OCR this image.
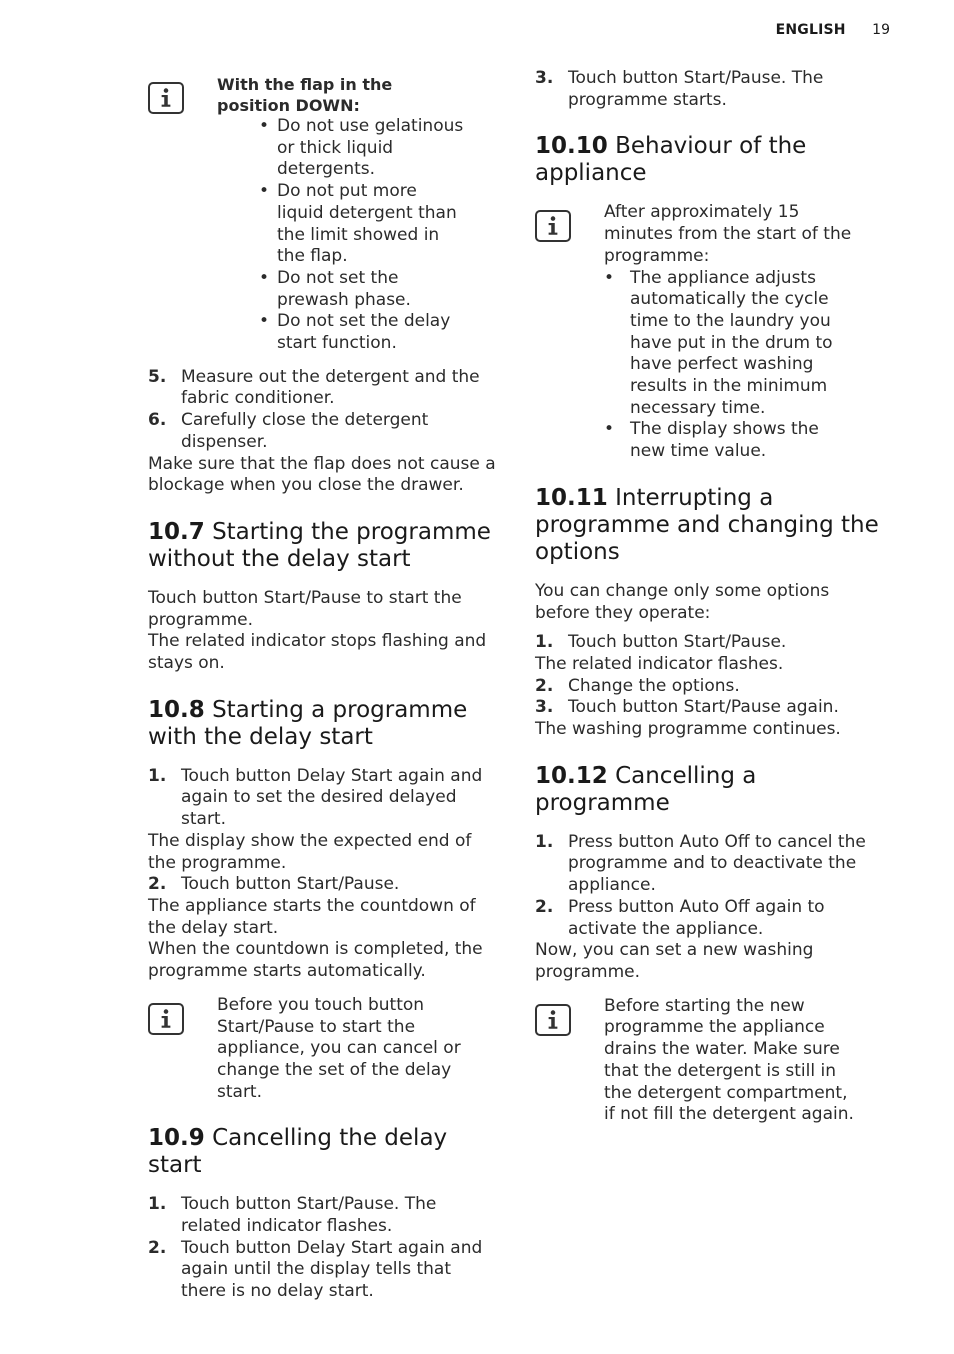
ENGLISH 19
With the flap in the position DOWN:
• Do not use gelatinous or thick liquid detergents.
• Do not put more liquid detergent than the limit showed in the flap.
• Do not set the prewash phase.
• Do not set the delay start function.
5. Measure out the detergent and the fabric conditioner.
6. Carefully close the detergent dispenser.

Make sure that the flap does not cause a blockage when you close the drawer.

10.7 Starting the programme without the delay start

Touch button Start/Pause to start the programme.

The related indicator stops flashing and stays on.

10.8 Starting a programme with the delay start
1. Touch button Delay Start again and again to set the desired delayed start.

The display show the expected end of the programme.

2. Touch button Start/Pause.

The appliance starts the countdown of the delay start.

When the countdown is completed, the programme starts automatically.

Before you touch button Start/Pause to start the appliance, you can cancel or change the set of the delay start.
10.9 Cancelling the delay start
1. Touch button Start/Pause. The related indicator flashes.
2. Touch button Delay Start again and again until the display tells that there is no delay start.
3. Touch button Start/Pause. The programme starts.
10.10 Behaviour of the appliance
After approximately 15 minutes from the start of the programme:
• The appliance adjusts automatically the cycle time to the laundry you have put in the drum to have perfect washing results in the minimum necessary time.
• The display shows the new time value.
10.11 Interrupting a programme and changing the options

You can change only some options before they operate:

1. Touch button Start/Pause.

The related indicator flashes.

2. Change the options.
3. Touch button Start/Pause again.

The washing programme continues.

10.12 Cancelling a programme
1. Press button Auto Off to cancel the programme and to deactivate the appliance.
2. Press button Auto Off again to activate the appliance.

Now, you can set a new washing programme.

Before starting the new programme the appliance drains the water. Make sure that the detergent is still in the detergent compartment, if not fill the detergent again.
